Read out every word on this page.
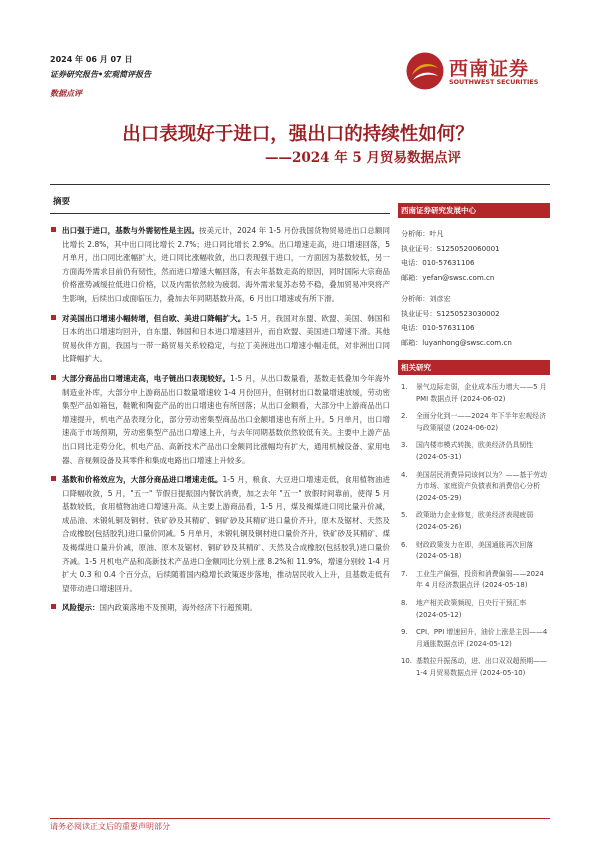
2024 年 06 月 07 日
证券研究报告•宏观简评报告
数据点评
西南证券
SOUTHWEST SECURITIES
出口表现好于进口，强出口的持续性如何？
——2024 年 5 月贸易数据点评
摘要
出口强于进口，基数与外需韧性是主因。按美元计，2024 年 1-5 月份我国货物贸易进出口总额同比增长 2.8%，其中出口同比增长 2.7%；进口同比增长 2.9%。出口增速走高，进口增速回落，5 月单月，出口同比涨幅扩大，进口同比涨幅收敛，出口表现强于进口，一方面因为基数较低，另一方面海外需求目前仍有韧性，然而进口增速大幅回落，有去年基数走高的原因，同时国际大宗商品价格涨势减缓拉低进口价格，以及内需依然较为疲弱。海外需求复苏态势不稳，叠加贸易冲突将产生影响，后续出口或面临压力，叠加去年同期基数升高，6 月出口增速或有所下滑。
对美国出口增速小幅转增，但自欧、美进口降幅扩大。1-5 月，我国对东盟、欧盟、美国、韩国和日本的出口增速均回升，自东盟、韩国和日本进口增速回升，而自欧盟、美国进口增速下滑。其他贸易伙伴方面，我国与一带一路贸易关系较稳定，与拉丁美洲进出口增速小幅走低，对非洲出口同比降幅扩大。
大部分商品出口增速走高，电子链出口表现较好。1-5 月，从出口数量看，基数走低叠加今年海外制造业补库，大部分中上游商品出口数量增速较 1-4 月份回升，但钢材出口数量增速放缓，劳动密集型产品如箱包，鞋靴和陶瓷产品的出口增速也有所回落；从出口金额看，大部分中上游商品出口增速提升，机电产品表现分化，部分劳动密集型商品出口金额增速也有所上升。5 月单月，出口增速高于市场预期，劳动密集型产品出口增速上升，与去年同期基数依然较低有关。主要中上游产品出口同比走势分化，机电产品、高新技术产品出口金额同比涨幅均有扩大，通用机械设备、家用电器、音视频设备及其零件和集成电路出口增速上升较多。
基数和价格效应为，大部分商品进口增速走低。1-5 月，粮食、大豆进口增速走低，食用植物油进口降幅收敛，5 月，"五一" 节假日提振国内餐饮消费，加之去年 "五一" 放假时间靠前，使得 5 月基数较低，食用植物油进口增速升高。从主要上游商品看，1-5 月，煤及褐煤进口同比量升价减，成品油、未锻轧铜及铜材、铁矿砂及其精矿、铜矿砂及其精矿进口量价齐升，原木及锯材、天然及合成橡胶(包括胶乳)进口量价同减。5 月单月，未锻轧铜及铜材进口量价齐升，铁矿砂及其精矿、煤及褐煤进口量升价减，原油、原木及锯材、铜矿砂及其精矿、天然及合成橡胶(包括胶乳)进口量价齐减。1-5 月机电产品和高新技术产品进口金额同比分别上涨 8.2%和 11.9%，增速分别较 1-4 月扩大 0.3 和 0.4 个百分点，后续随着国内稳增长政策逐步落地，推动居民收入上升，且基数走低有望带动进口增速回升。
风险提示：国内政策落地不及预期，海外经济下行超预期。
西南证券研究发展中心
分析师：叶凡
执业证号：S1250520060001
电话：010-57631106
邮箱：yefan@swsc.com.cn
分析师：刘彦宏
执业证号：S1250523030002
电话：010-57631106
邮箱：luyanhong@swsc.com.cn
相关研究
1. 景气边际走弱，企业成本压力增大——5 月 PMI 数据点评 (2024-06-02)
2. 全面分化到一——2024 年下半年宏观经济与政策展望 (2024-06-02)
3. 国内楼市模式转换，欧美经济仍具韧性 (2024-05-31)
4. 美国居民消费异同该何以为？——基于劳动力市场、家庭资产负债表和消费信心分析 (2024-05-29)
5. 政策助力企业修复，欧美经济表现疲弱 (2024-05-26)
6. 财政政策发力在即，美国通胀再次回落 (2024-05-18)
7. 工业生产偏强，投资和消费偏弱——2024 年 4 月经济数据点评 (2024-05-18)
8. 地产相关政策频现，日央行干预汇率 (2024-05-12)
9. CPI、PPI 增速回升，油价上涨是主因——4 月通胀数据点评 (2024-05-12)
10. 基数拉升振荡动，进、出口双双超预期——1-4 月贸易数据点评 (2024-05-10)
请务必阅读正文后的重要声明部分
